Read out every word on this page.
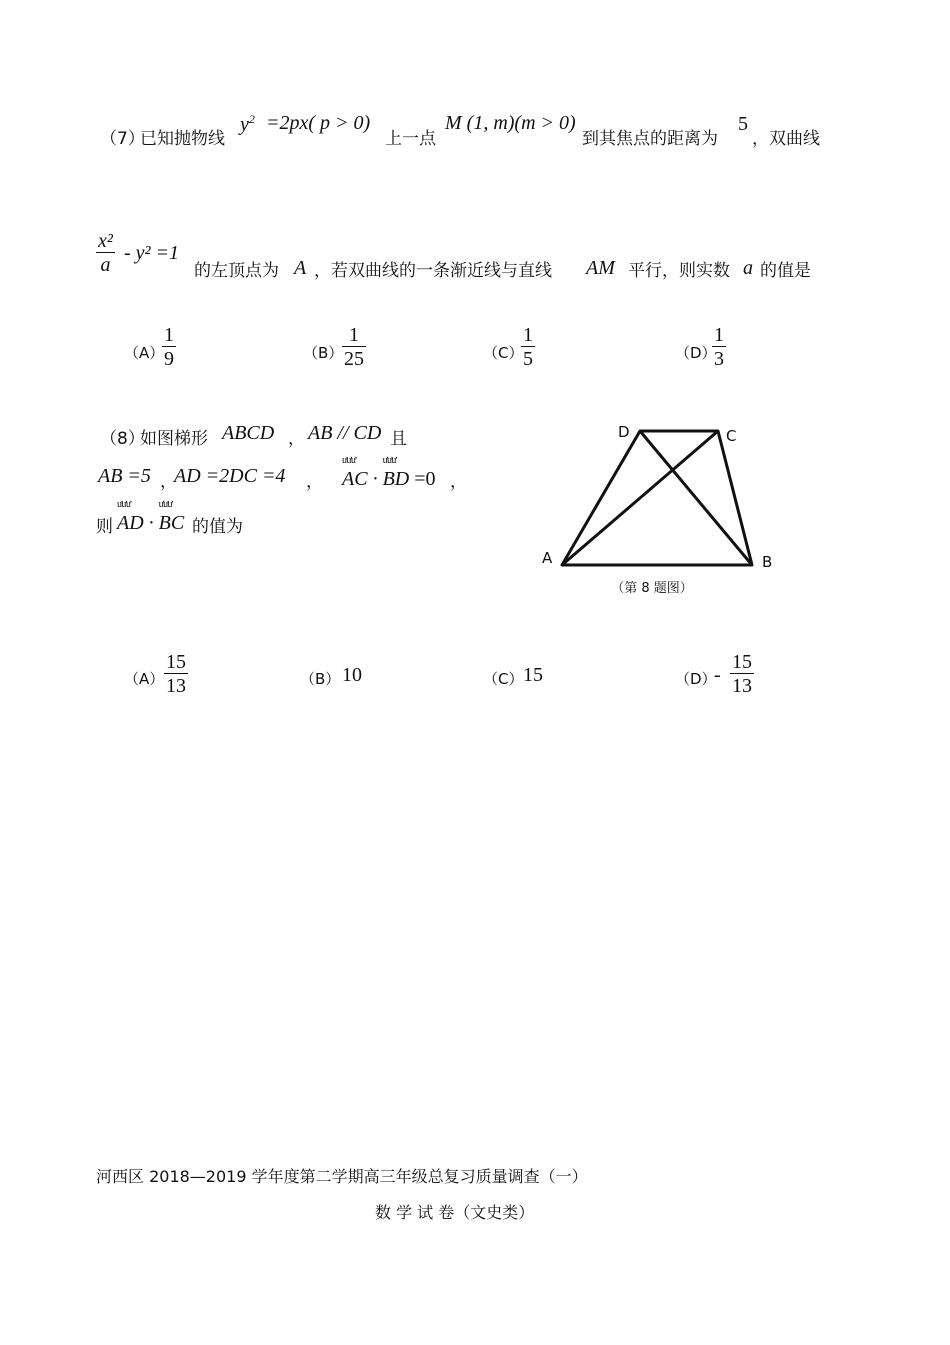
（7）
已知抛物线
$y^2 =2px$( p > 0)
上一点
M (1, m)(m > 0)
到其焦点的距离为
5
，双曲线
$\frac{\text{x²}}{a} - y^2 =1$
的左顶点为 A ，若双曲线的一条渐近线与直线 AM 平行，则实数 a 的值是
（A）
$\frac{1}{9}$	（B）
$\frac{1}{25}$	（C）
$\frac{1}{5}$	（D）
$\frac{1}{3}$
（8）
如图梯形 ABCD ， AB // CD 且
AB =5 ，
AD =2DC =4 ， ưưư AC · ưưư BD =0 ，
则 ưưư AD · ưưư BC 的值为
D	C
A	B
（第 8 题图）
$(A) \frac{15}{13}$	（B） 10	（C） 15	（D）
- $\frac{15}{13}$
河西区 2018—2019 学年度第二学期高三年级总复习质量调查（一）
数 学 试 卷（文史类）
